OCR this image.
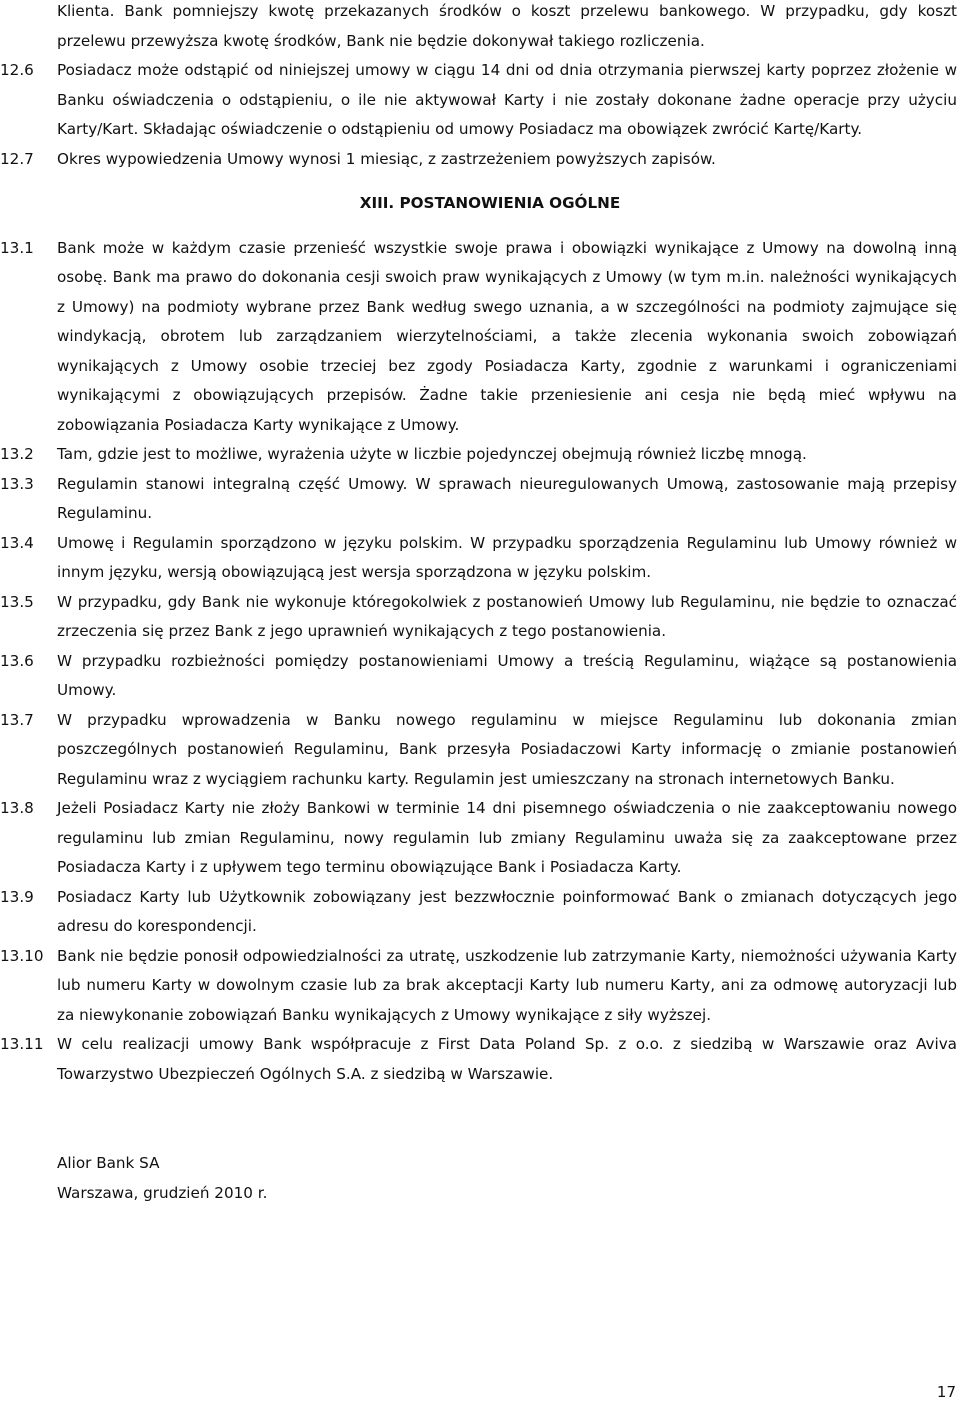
Klienta. Bank pomniejszy kwotę przekazanych środków o koszt przelewu bankowego. W przypadku, gdy koszt przelewu przewyższa kwotę środków, Bank nie będzie dokonywał takiego rozliczenia.

12.6	Posiadacz może odstąpić od niniejszej umowy w ciągu 14 dni od dnia otrzymania pierwszej karty poprzez złożenie w Banku oświadczenia o odstąpieniu, o ile nie aktywował Karty i nie zostały dokonane żadne operacje przy użyciu Karty/Kart. Składając oświadczenie o odstąpieniu od umowy Posiadacz ma obowiązek zwrócić Kartę/Karty.
12.7	Okres wypowiedzenia Umowy wynosi 1 miesiąc, z zastrzeżeniem powyższych zapisów.

XIII. POSTANOWIENIA OGÓLNE

13.1	Bank może w każdym czasie przenieść wszystkie swoje prawa i obowiązki wynikające z Umowy na dowolną inną osobę. Bank ma prawo do dokonania cesji swoich praw wynikających z Umowy (w tym m.in. należności wynikających z Umowy) na podmioty wybrane przez Bank według swego uznania, a w szczególności na podmioty zajmujące się windykacją, obrotem lub zarządzaniem wierzytelnościami, a także zlecenia wykonania swoich zobowiązań wynikających z Umowy osobie trzeciej bez zgody Posiadacza Karty, zgodnie z warunkami i ograniczeniami wynikającymi z obowiązujących przepisów. Żadne takie przeniesienie ani cesja nie będą mieć wpływu na zobowiązania Posiadacza Karty wynikające z Umowy.
13.2	Tam, gdzie jest to możliwe, wyrażenia użyte w liczbie pojedynczej obejmują również liczbę mnogą.
13.3	Regulamin stanowi integralną część Umowy. W sprawach nieuregulowanych Umową, zastosowanie mają przepisy Regulaminu.
13.4	Umowę i Regulamin sporządzono w języku polskim. W przypadku sporządzenia Regulaminu lub Umowy również w innym języku, wersją obowiązującą jest wersja sporządzona w języku polskim.
13.5	W przypadku, gdy Bank nie wykonuje któregokolwiek z postanowień Umowy lub Regulaminu, nie będzie to oznaczać zrzeczenia się przez Bank z jego uprawnień wynikających z tego postanowienia.
13.6	W przypadku rozbieżności pomiędzy postanowieniami Umowy a treścią Regulaminu, wiążące są postanowienia Umowy.
13.7	W przypadku wprowadzenia w Banku nowego regulaminu w miejsce Regulaminu lub dokonania zmian poszczególnych postanowień Regulaminu, Bank przesyła Posiadaczowi Karty informację o zmianie postanowień Regulaminu wraz z wyciągiem rachunku karty. Regulamin jest umieszczany na stronach internetowych Banku.
13.8	Jeżeli Posiadacz Karty nie złoży Bankowi w terminie 14 dni pisemnego oświadczenia o nie zaakceptowaniu nowego regulaminu lub zmian Regulaminu, nowy regulamin lub zmiany Regulaminu uważa się za zaakceptowane przez Posiadacza Karty i z upływem tego terminu obowiązujące Bank i Posiadacza Karty.
13.9	Posiadacz Karty lub Użytkownik zobowiązany jest bezzwłocznie poinformować Bank o zmianach dotyczących jego adresu do korespondencji.
13.10 Bank nie będzie ponosił odpowiedzialności za utratę, uszkodzenie lub zatrzymanie Karty, niemożności używania Karty lub numeru Karty w dowolnym czasie lub za brak akceptacji Karty lub numeru Karty, ani za odmowę autoryzacji lub za niewykonanie zobowiązań Banku wynikających z Umowy wynikające z siły wyższej.
13.11 W celu realizacji umowy Bank współpracuje z First Data Poland Sp. z o.o. z siedzibą w Warszawie oraz Aviva Towarzystwo Ubezpieczeń Ogólnych S.A. z siedzibą w Warszawie.

Alior Bank SA

Warszawa, grudzień 2010 r.

17
